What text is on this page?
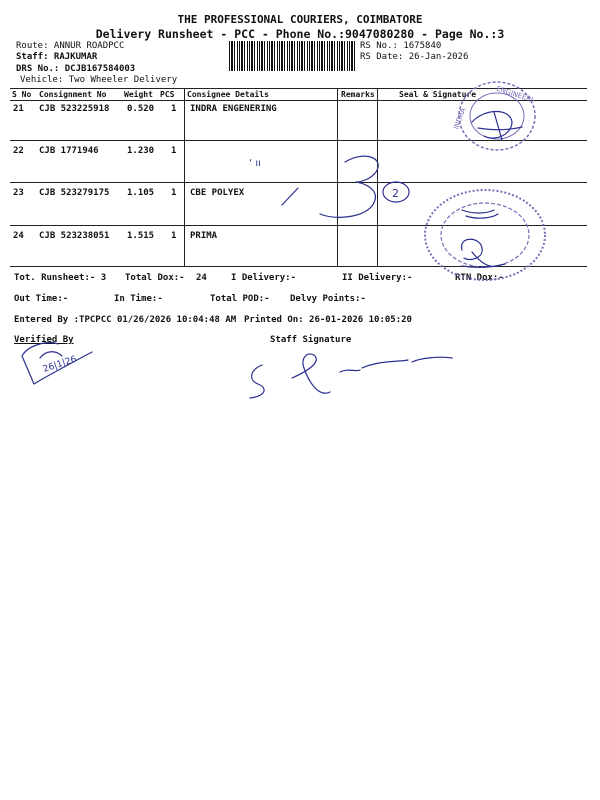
THE PROFESSIONAL COURIERS, COIMBATORE
Delivery Runsheet - PCC - Phone No.:9047080280 - Page No.:3
Route: ANNUR ROADPCC
Staff: RAJKUMAR
DRS No.: DCJB167584003
Vehicle: Two Wheeler Delivery
RS No.: 1675840
RS Date: 26-Jan-2026
S No Consignment No Weight PCS Consignee Details	Remarks	Seal & Signature
21 CJB 523225918 0.520 1 INDRA ENGENERING
22 CJB 1771946	1.230 1
23 CJB 523279175 1.105 1 CBE POLYEX
24 CJB 523238051 1.515 1 PRIMA
Tot. Runsheet:- 3 Total Dox:- 24	I Delivery:-	II Delivery:-	RTN Dox:-
Out Time:-	In Time:-	Total POD:- Delvy Points:-
Entered By :TPCPCC 01/26/2026 10:04:48 AM Printed On: 26-01-2026 10:05:20
Verified By	Staff Signature
ENGINEERI
INDRA
‘ ıı
2
26|1|26
